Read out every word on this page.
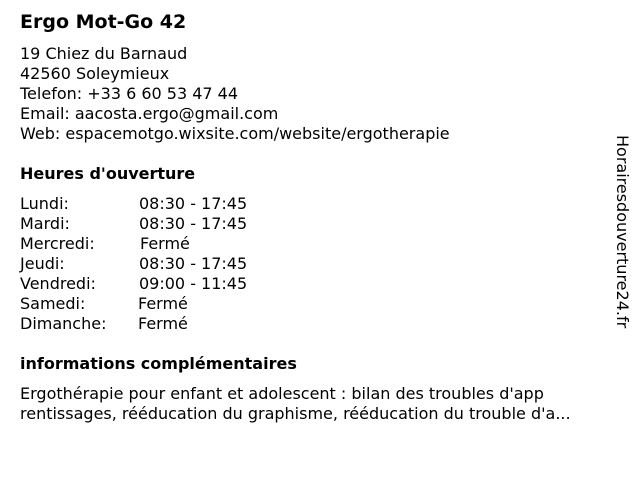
Ergo Mot-Go 42
19 Chiez du Barnaud
42560 Soleymieux
Telefon: +33 6 60 53 47 44
Email: aacosta.ergo@gmail.com
Web: espacemotgo.wixsite.com/website/ergotherapie
Heures d'ouverture
Lundi:	08:30 - 17:45
Mardi:	08:30 - 17:45
Mercredi:	Fermé
Jeudi:	08:30 - 17:45
Vendredi:	09:00 - 11:45
Samedi:	Fermé
Dimanche: Fermé
informations complémentaires
Ergothérapie pour enfant et adolescent : bilan des troubles d'app
rentissages, rééducation du graphisme, rééducation du trouble d'a...
Horairesdouverture24.fr
